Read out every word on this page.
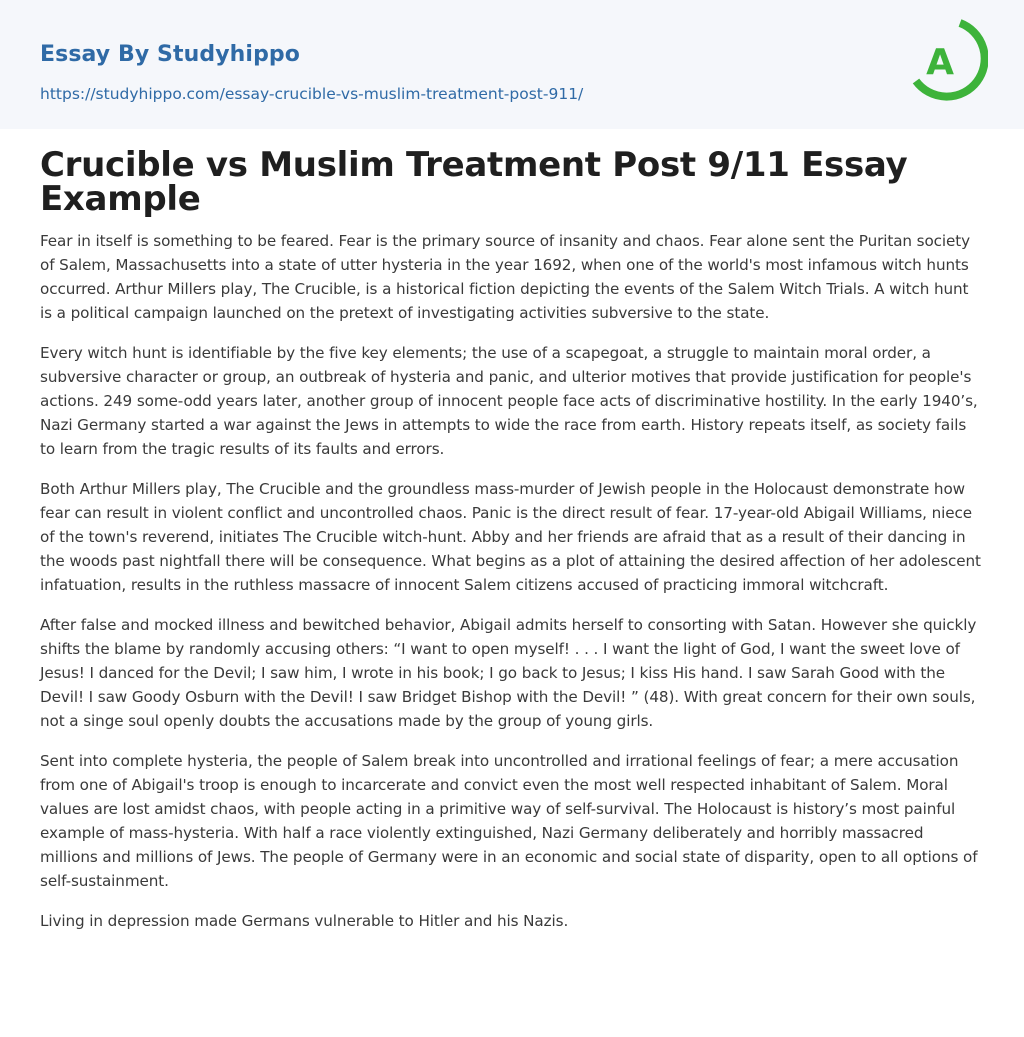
Essay By Studyhippo
https://studyhippo.com/essay-crucible-vs-muslim-treatment-post-911/
A
Crucible vs Muslim Treatment Post 9/11 Essay Example

Fear in itself is something to be feared. Fear is the primary source of insanity and chaos. Fear alone sent the Puritan society of Salem, Massachusetts into a state of utter hysteria in the year 1692, when one of the world's most infamous witch hunts occurred. Arthur Millers play, The Crucible, is a historical fiction depicting the events of the Salem Witch Trials. A witch hunt is a political campaign launched on the pretext of investigating activities subversive to the state.

Every witch hunt is identifiable by the five key elements; the use of a scapegoat, a struggle to maintain moral order, a subversive character or group, an outbreak of hysteria and panic, and ulterior motives that provide justification for people's actions. 249 some-odd years later, another group of innocent people face acts of discriminative hostility. In the early 1940’s, Nazi Germany started a war against the Jews in attempts to wide the race from earth. History repeats itself, as society fails to learn from the tragic results of its faults and errors.

Both Arthur Millers play, The Crucible and the groundless mass-murder of Jewish people in the Holocaust demonstrate how fear can result in violent conflict and uncontrolled chaos. Panic is the direct result of fear. 17-year-old Abigail Williams, niece of the town's reverend, initiates The Crucible witch-hunt. Abby and her friends are afraid that as a result of their dancing in the woods past nightfall there will be consequence. What begins as a plot of attaining the desired affection of her adolescent infatuation, results in the ruthless massacre of innocent Salem citizens accused of practicing immoral witchcraft.

After false and mocked illness and bewitched behavior, Abigail admits herself to consorting with Satan. However she quickly shifts the blame by randomly accusing others: “I want to open myself! . . . I want the light of God, I want the sweet love of Jesus! I danced for the Devil; I saw him, I wrote in his book; I go back to Jesus; I kiss His hand. I saw Sarah Good with the Devil! I saw Goody Osburn with the Devil! I saw Bridget Bishop with the Devil! ” (48). With great concern for their own souls, not a singe soul openly doubts the accusations made by the group of young girls.

Sent into complete hysteria, the people of Salem break into uncontrolled and irrational feelings of fear; a mere accusation from one of Abigail's troop is enough to incarcerate and convict even the most well respected inhabitant of Salem. Moral values are lost amidst chaos, with people acting in a primitive way of self-survival. The Holocaust is history’s most painful example of mass-hysteria. With half a race violently extinguished, Nazi Germany deliberately and horribly massacred millions and millions of Jews. The people of Germany were in an economic and social state of disparity, open to all options of self-sustainment.

Living in depression made Germans vulnerable to Hitler and his Nazis.
